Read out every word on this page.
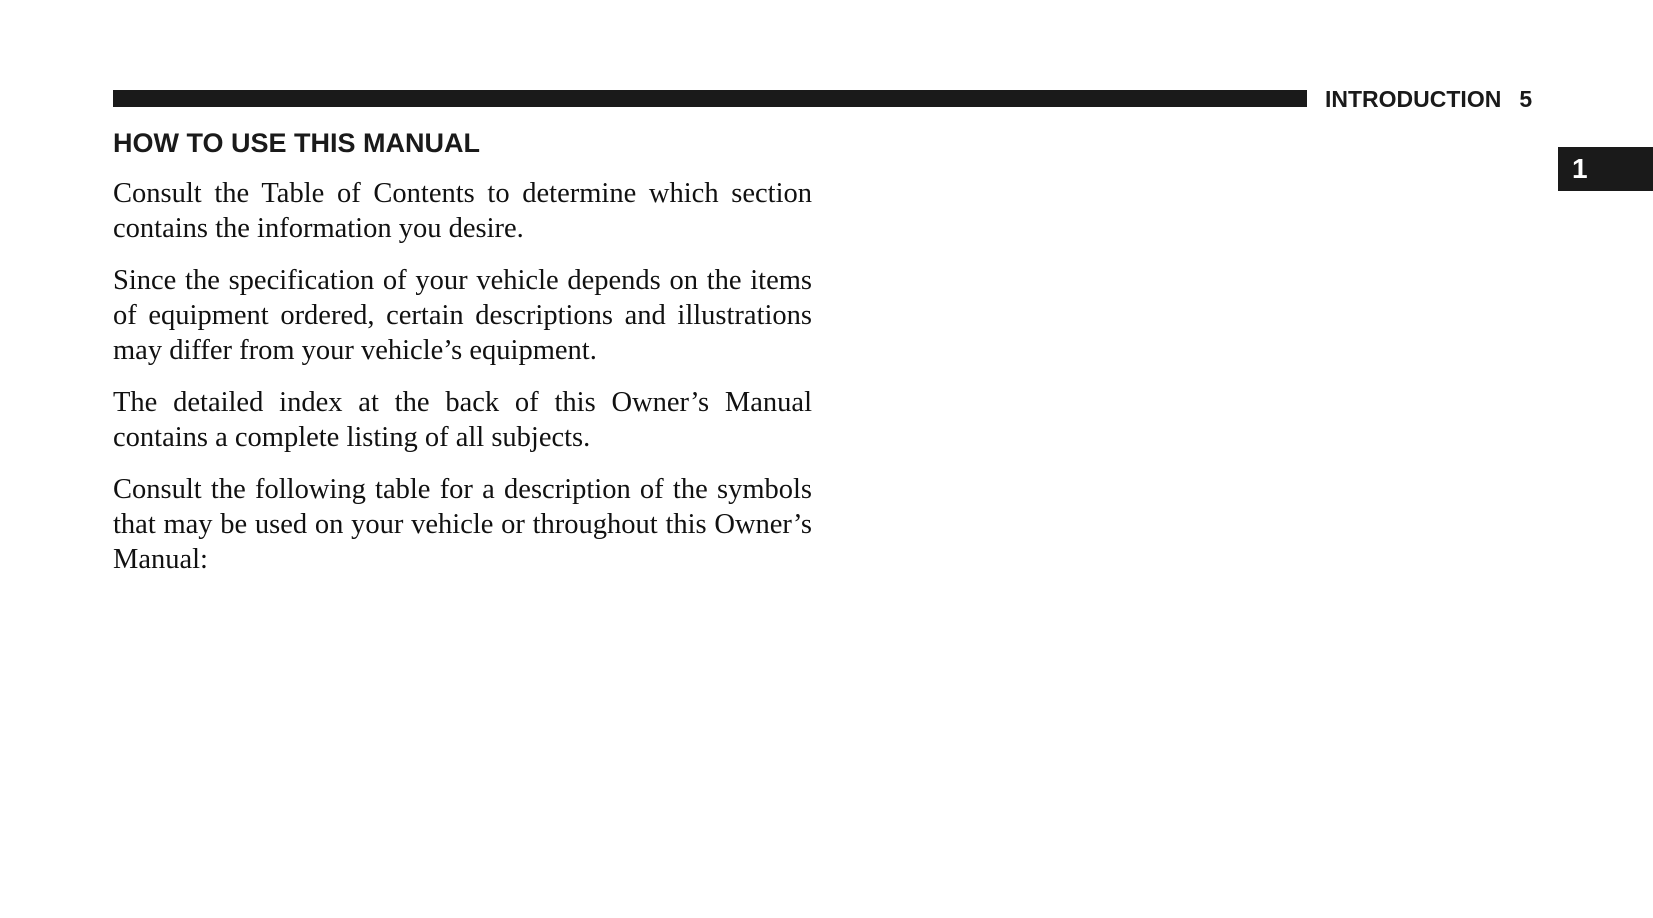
INTRODUCTION 5
1
HOW TO USE THIS MANUAL

Consult the Table of Contents to determine which section contains the information you desire.

Since the specification of your vehicle depends on the items of equipment ordered, certain descriptions and illustrations may differ from your vehicle’s equipment.

The detailed index at the back of this Owner’s Manual contains a complete listing of all subjects.

Consult the following table for a description of the symbols that may be used on your vehicle or throughout this Owner’s Manual:
